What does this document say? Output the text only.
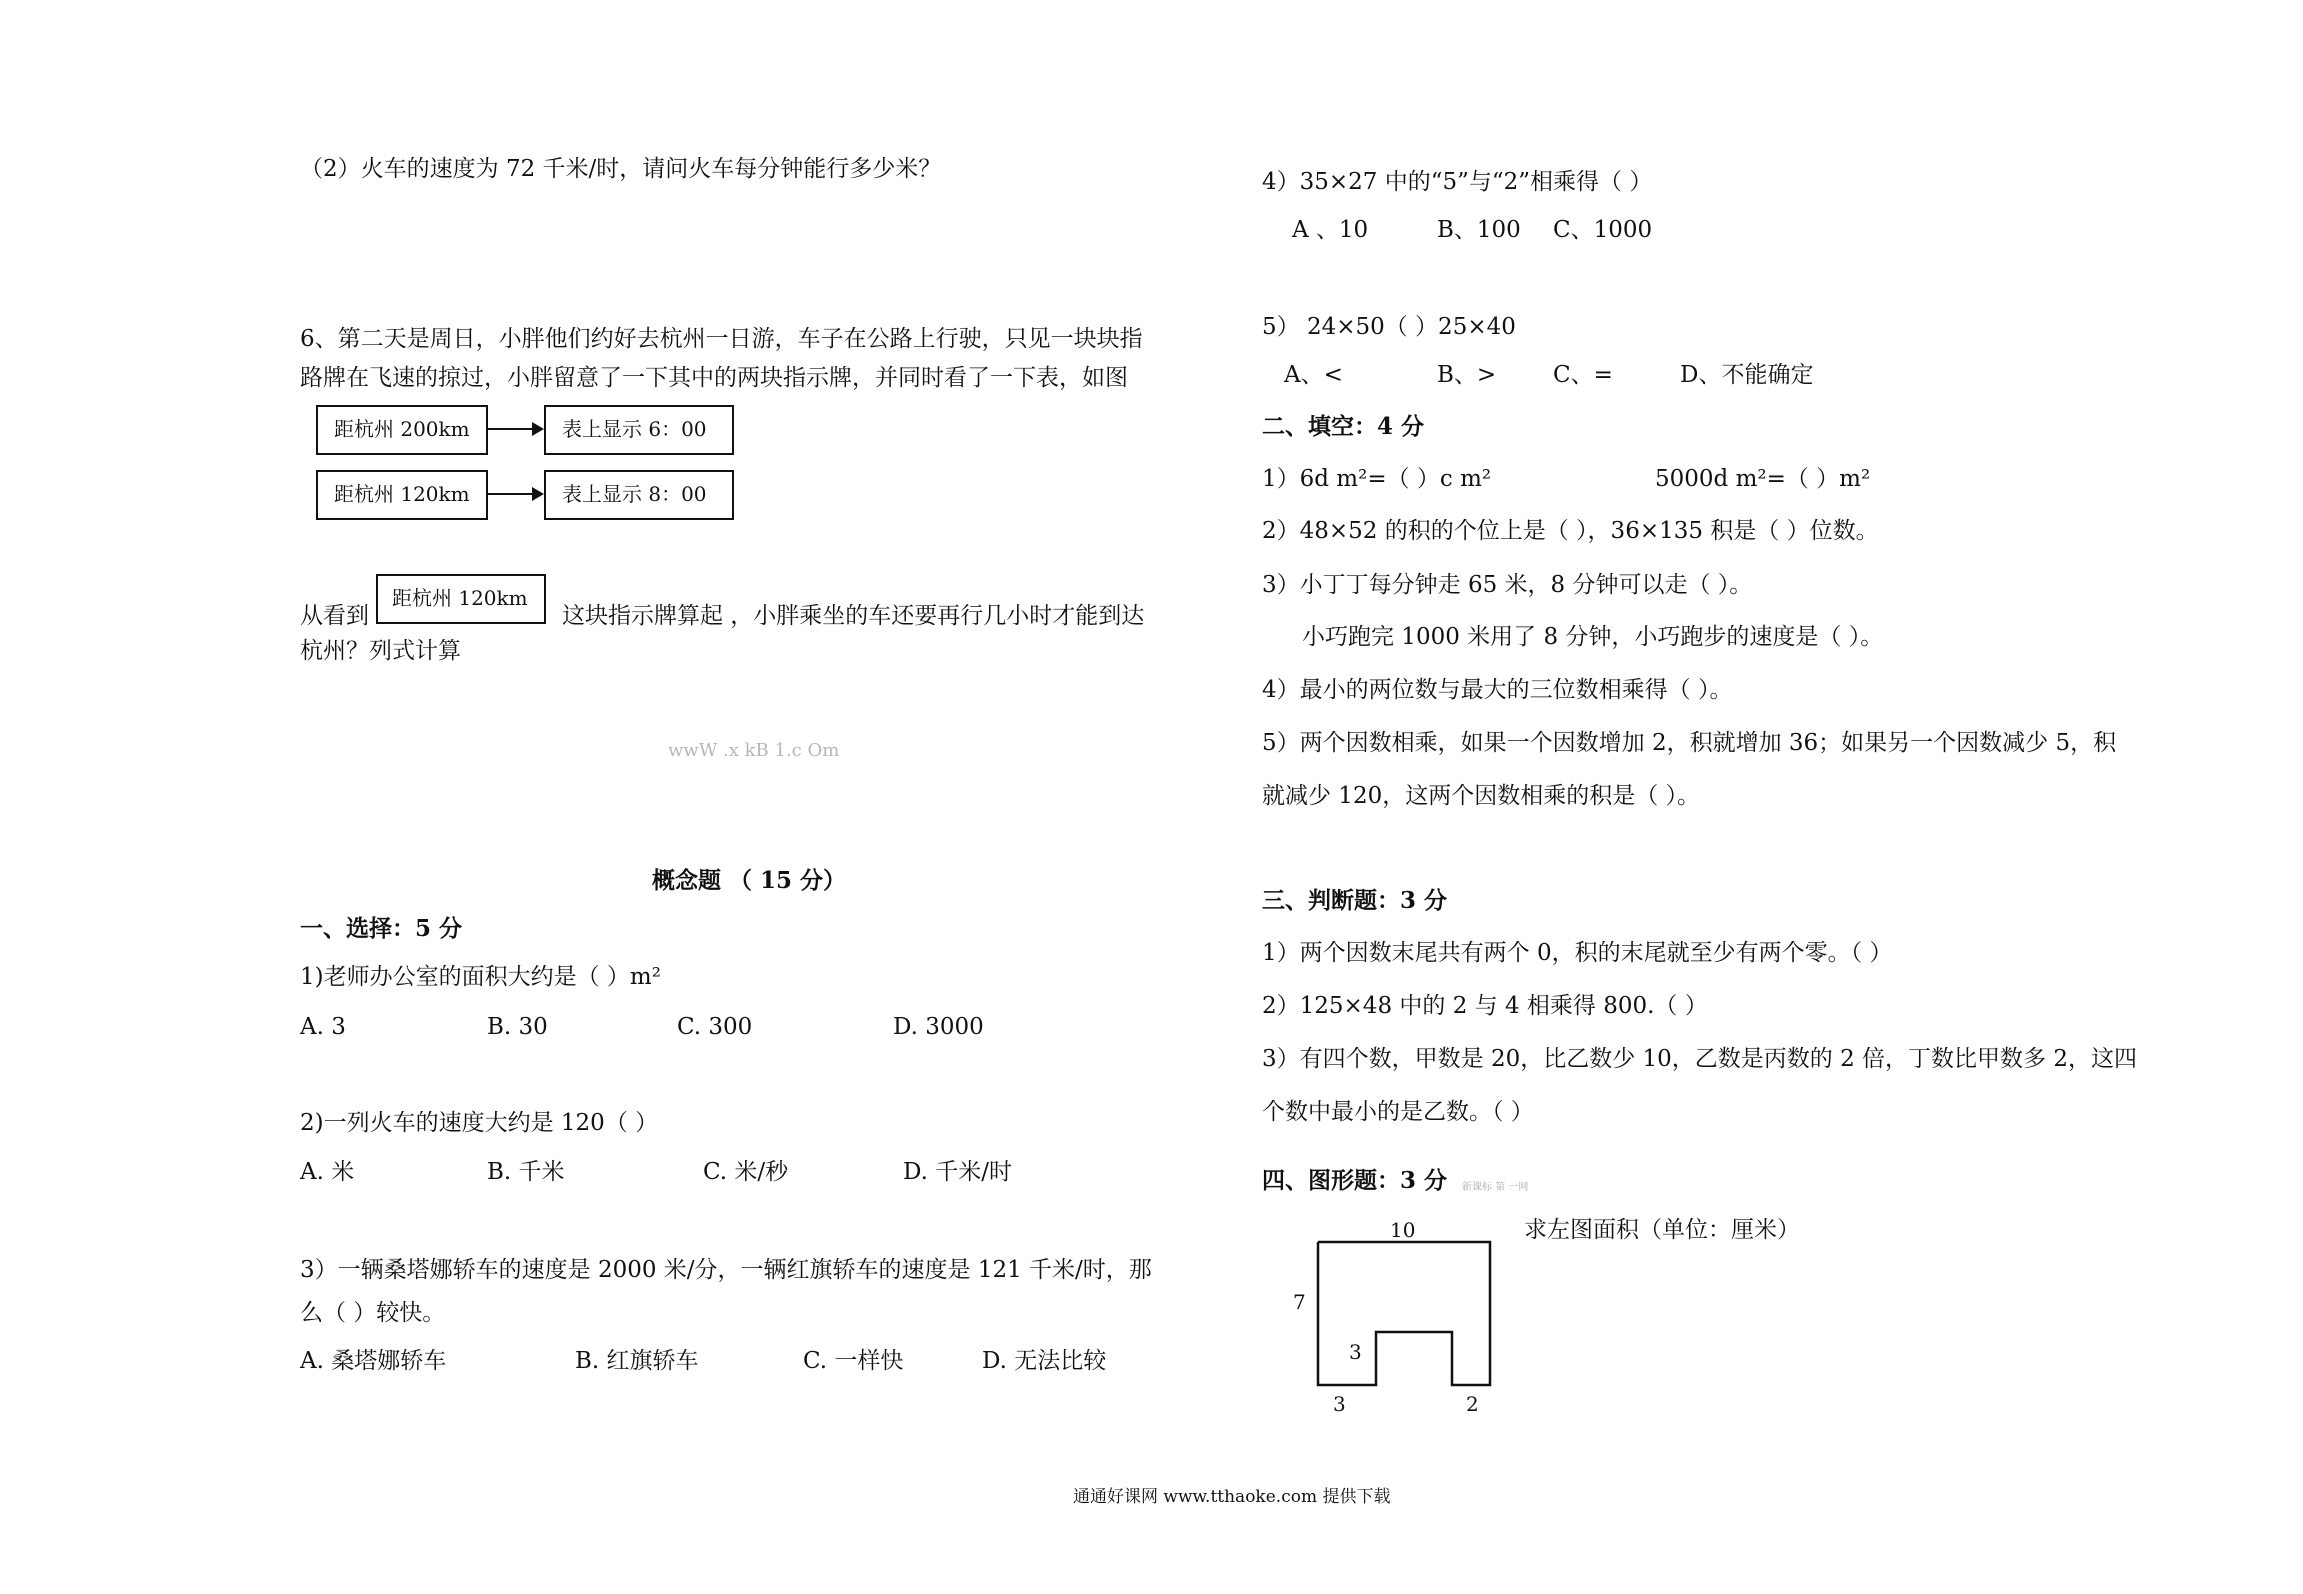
（2）火车的速度为 72 千米/时，请问火车每分钟能行多少米？
6、第二天是周日，小胖他们约好去杭州一日游，车子在公路上行驶，只见一块块指
路牌在飞速的掠过，小胖留意了一下其中的两块指示牌，并同时看了一下表，如图
距杭州 200km	表上显示 6：00
距杭州 120km	表上显示 8：00
从看到
距杭州 120km
这块指示牌算起 ，小胖乘坐的车还要再行几小时才能到达
杭州？列式计算
wwW .x kB 1.c Om
概念题 （ 15 分）
一、选择：5 分
1)老师办公室的面积大约是（ ）m²
A. 3	B. 30	C. 300	D. 3000
2)一列火车的速度大约是 120（ ）
A. 米	B. 千米	C. 米/秒	D. 千米/时
3）一辆桑塔娜轿车的速度是 2000 米/分，一辆红旗轿车的速度是 121 千米/时，那
么（ ）较快。
A. 桑塔娜轿车	B. 红旗轿车	C. 一样快	D. 无法比较
4）35×27 中的“5”与“2”相乘得（ ）
A 、10	B、100 C、1000
5） 24×50（ ）25×40
A、<	B、> C、=	D、不能确定
二、填空：4 分
1）6d m²=（ ）c m²	5000d m²=（ ）m²
2）48×52 的积的个位上是（ ），36×135 积是（ ）位数。
3）小丁丁每分钟走 65 米，8 分钟可以走（ ）。
小巧跑完 1000 米用了 8 分钟，小巧跑步的速度是（ ）。
4）最小的两位数与最大的三位数相乘得（ ）。
5）两个因数相乘，如果一个因数增加 2，积就增加 36；如果另一个因数减少 5，积
就减少 120，这两个因数相乘的积是（ ）。
三、判断题：3 分
1）两个因数末尾共有两个 0，积的末尾就至少有两个零。（ ）
2）125×48 中的 2 与 4 相乘得 800.（ ）
3）有四个数，甲数是 20，比乙数少 10，乙数是丙数的 2 倍，丁数比甲数多 2，这四
个数中最小的是乙数。（ ）
四、图形题：3 分 新课标 第 一网
10
7
3
3	2
求左图面积（单位：厘米）
通通好课网 www.tthaoke.com 提供下载
